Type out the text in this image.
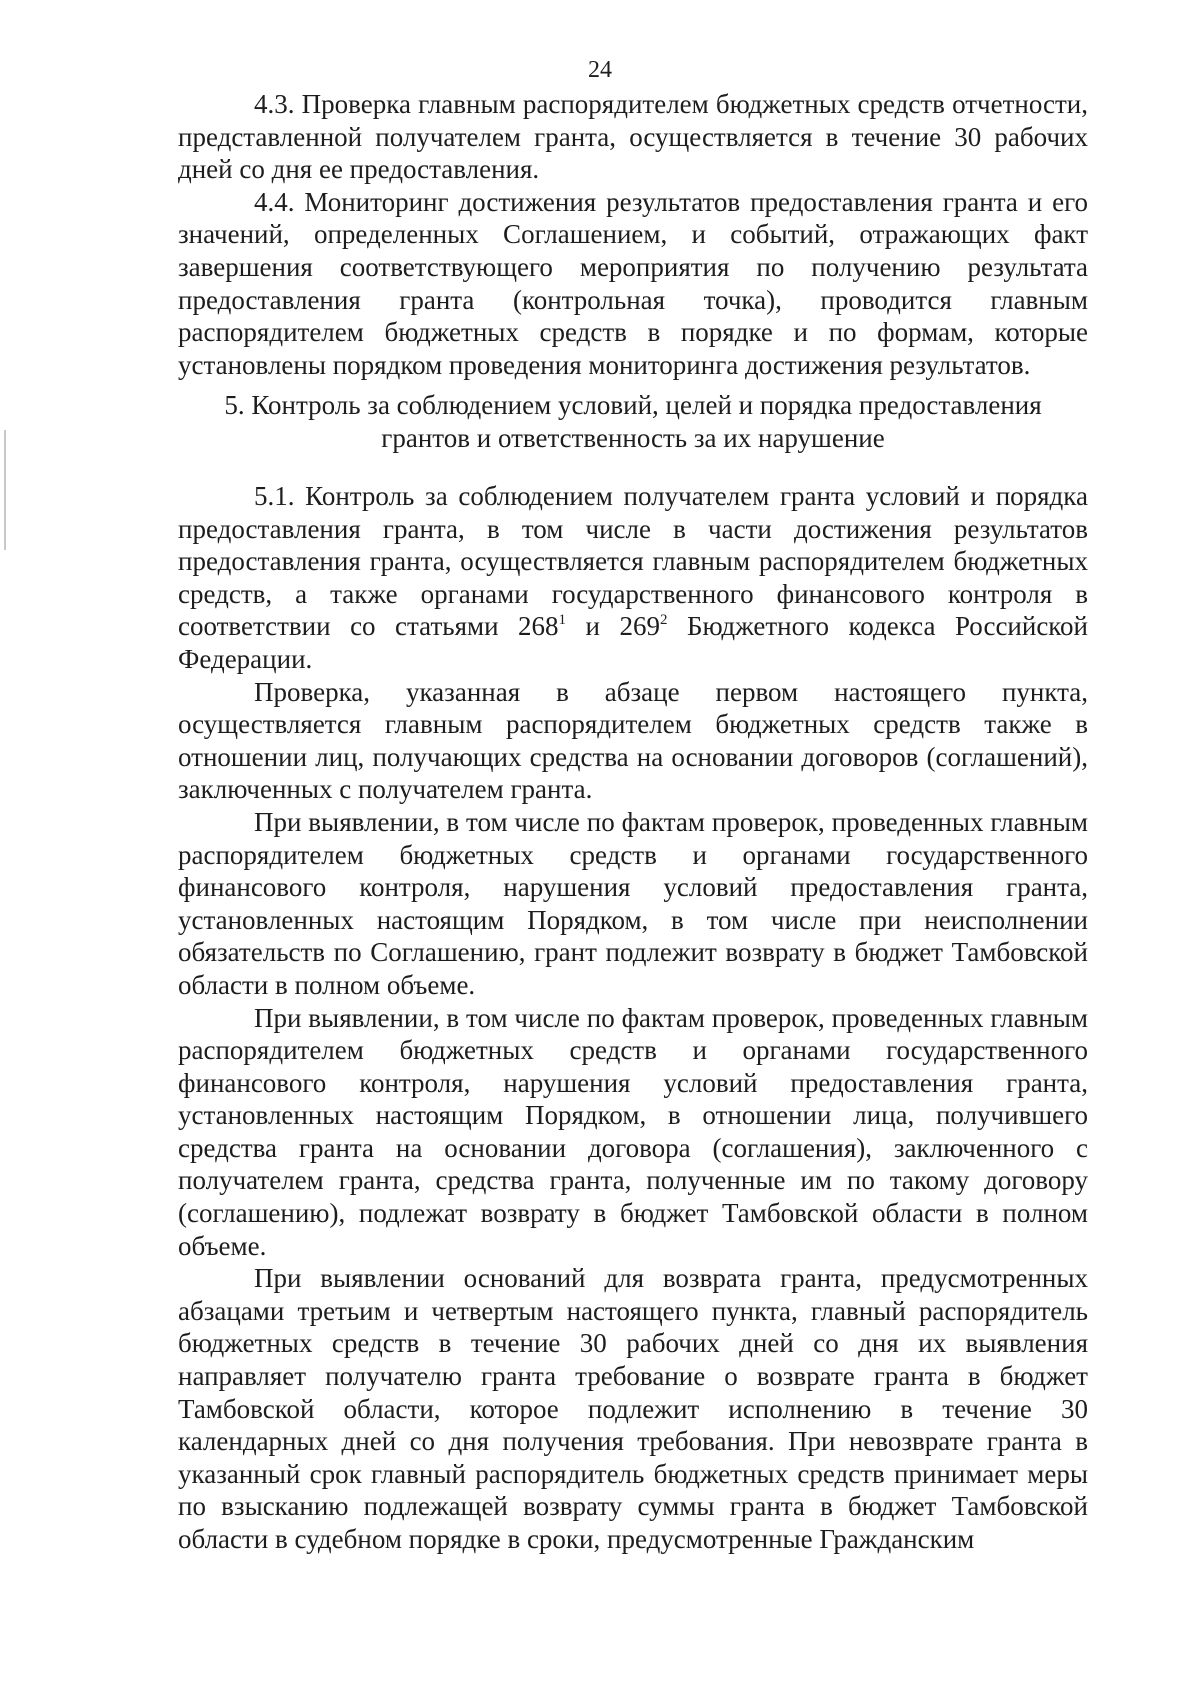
24

4.3. Проверка главным распорядителем бюджетных средств отчетности, представленной получателем гранта, осуществляется в течение 30 рабочих дней со дня ее предоставления.

4.4. Мониторинг достижения результатов предоставления гранта и его значений, определенных Соглашением, и событий, отражающих факт завершения соответствующего мероприятия по получению результата предоставления гранта (контрольная точка), проводится главным распорядителем бюджетных средств в порядке и по формам, которые установлены порядком проведения мониторинга достижения результатов.

5. Контроль за соблюдением условий, целей и порядка предоставления

грантов и ответственность за их нарушение

5.1. Контроль за соблюдением получателем гранта условий и порядка предоставления гранта, в том числе в части достижения результатов предоставления гранта, осуществляется главным распорядителем бюджетных средств, а также органами государственного финансового контроля в соответствии со статьями $268^1$ и $269^2$ Бюджетного кодекса Российской Федерации.

Проверка, указанная в абзаце первом настоящего пункта, осуществляется главным распорядителем бюджетных средств также в отношении лиц, получающих средства на основании договоров (соглашений), заключенных с получателем гранта.

При выявлении, в том числе по фактам проверок, проведенных главным распорядителем бюджетных средств и органами государственного финансового контроля, нарушения условий предоставления гранта, установленных настоящим Порядком, в том числе при неисполнении обязательств по Соглашению, грант подлежит возврату в бюджет Тамбовской области в полном объеме.

При выявлении, в том числе по фактам проверок, проведенных главным распорядителем бюджетных средств и органами государственного финансового контроля, нарушения условий предоставления гранта, установленных настоящим Порядком, в отношении лица, получившего средства гранта на основании договора (соглашения), заключенного с получателем гранта, средства гранта, полученные им по такому договору (соглашению), подлежат возврату в бюджет Тамбовской области в полном объеме.

При выявлении оснований для возврата гранта, предусмотренных абзацами третьим и четвертым настоящего пункта, главный распорядитель бюджетных средств в течение 30 рабочих дней со дня их выявления направляет получателю гранта требование о возврате гранта в бюджет Тамбовской области, которое подлежит исполнению в течение 30 календарных дней со дня получения требования. При невозврате гранта в указанный срок главный распорядитель бюджетных средств принимает меры по взысканию подлежащей возврату суммы гранта в бюджет Тамбовской области в судебном порядке в сроки, предусмотренные Гражданским
